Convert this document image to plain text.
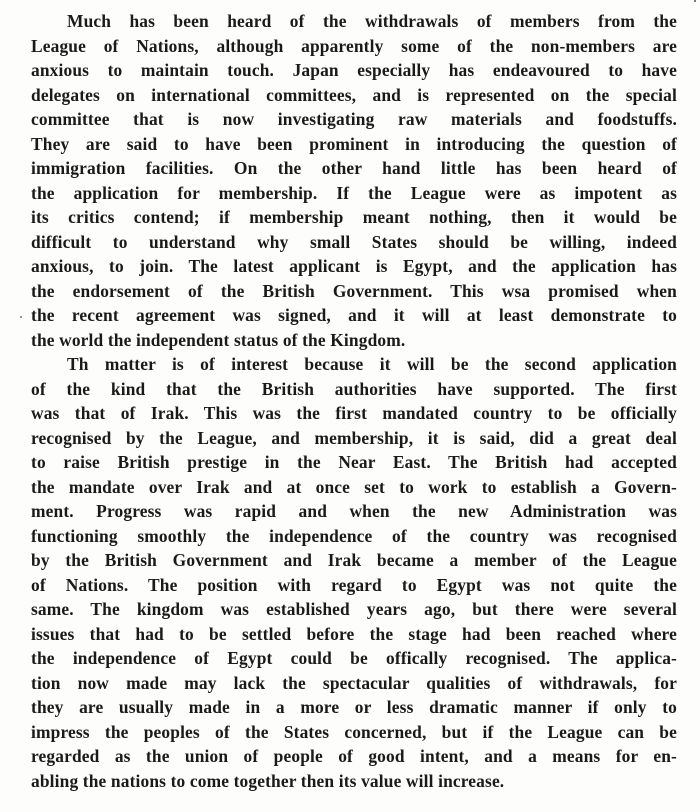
Much has been heard of the withdrawals of members from the
League of Nations, although apparently some of the non-members are
anxious to maintain touch. Japan especially has endeavoured to have
delegates on international committees, and is represented on the special
committee that is now investigating raw materials and foodstuffs.
They are said to have been prominent in introducing the question of
immigration facilities. On the other hand little has been heard of
the application for membership. If the League were as impotent as
its critics contend; if membership meant nothing, then it would be
difficult to understand why small States should be willing, indeed
anxious, to join. The latest applicant is Egypt, and the application has
the endorsement of the British Government. This wsa promised when
the recent agreement was signed, and it will at least demonstrate to
the world the independent status of the Kingdom.
Th matter is of interest because it will be the second application
of the kind that the British authorities have supported. The first
was that of Irak. This was the first mandated country to be officially
recognised by the League, and membership, it is said, did a great deal
to raise British prestige in the Near East. The British had accepted
the mandate over Irak and at once set to work to establish a Govern-
ment. Progress was rapid and when the new Administration was
functioning smoothly the independence of the country was recognised
by the British Government and Irak became a member of the League
of Nations. The position with regard to Egypt was not quite the
same. The kingdom was established years ago, but there were several
issues that had to be settled before the stage had been reached where
the independence of Egypt could be offically recognised. The applica-
tion now made may lack the spectacular qualities of withdrawals, for
they are usually made in a more or less dramatic manner if only to
impress the peoples of the States concerned, but if the League can be
regarded as the union of people of good intent, and a means for en-
abling the nations to come together then its value will increase.
